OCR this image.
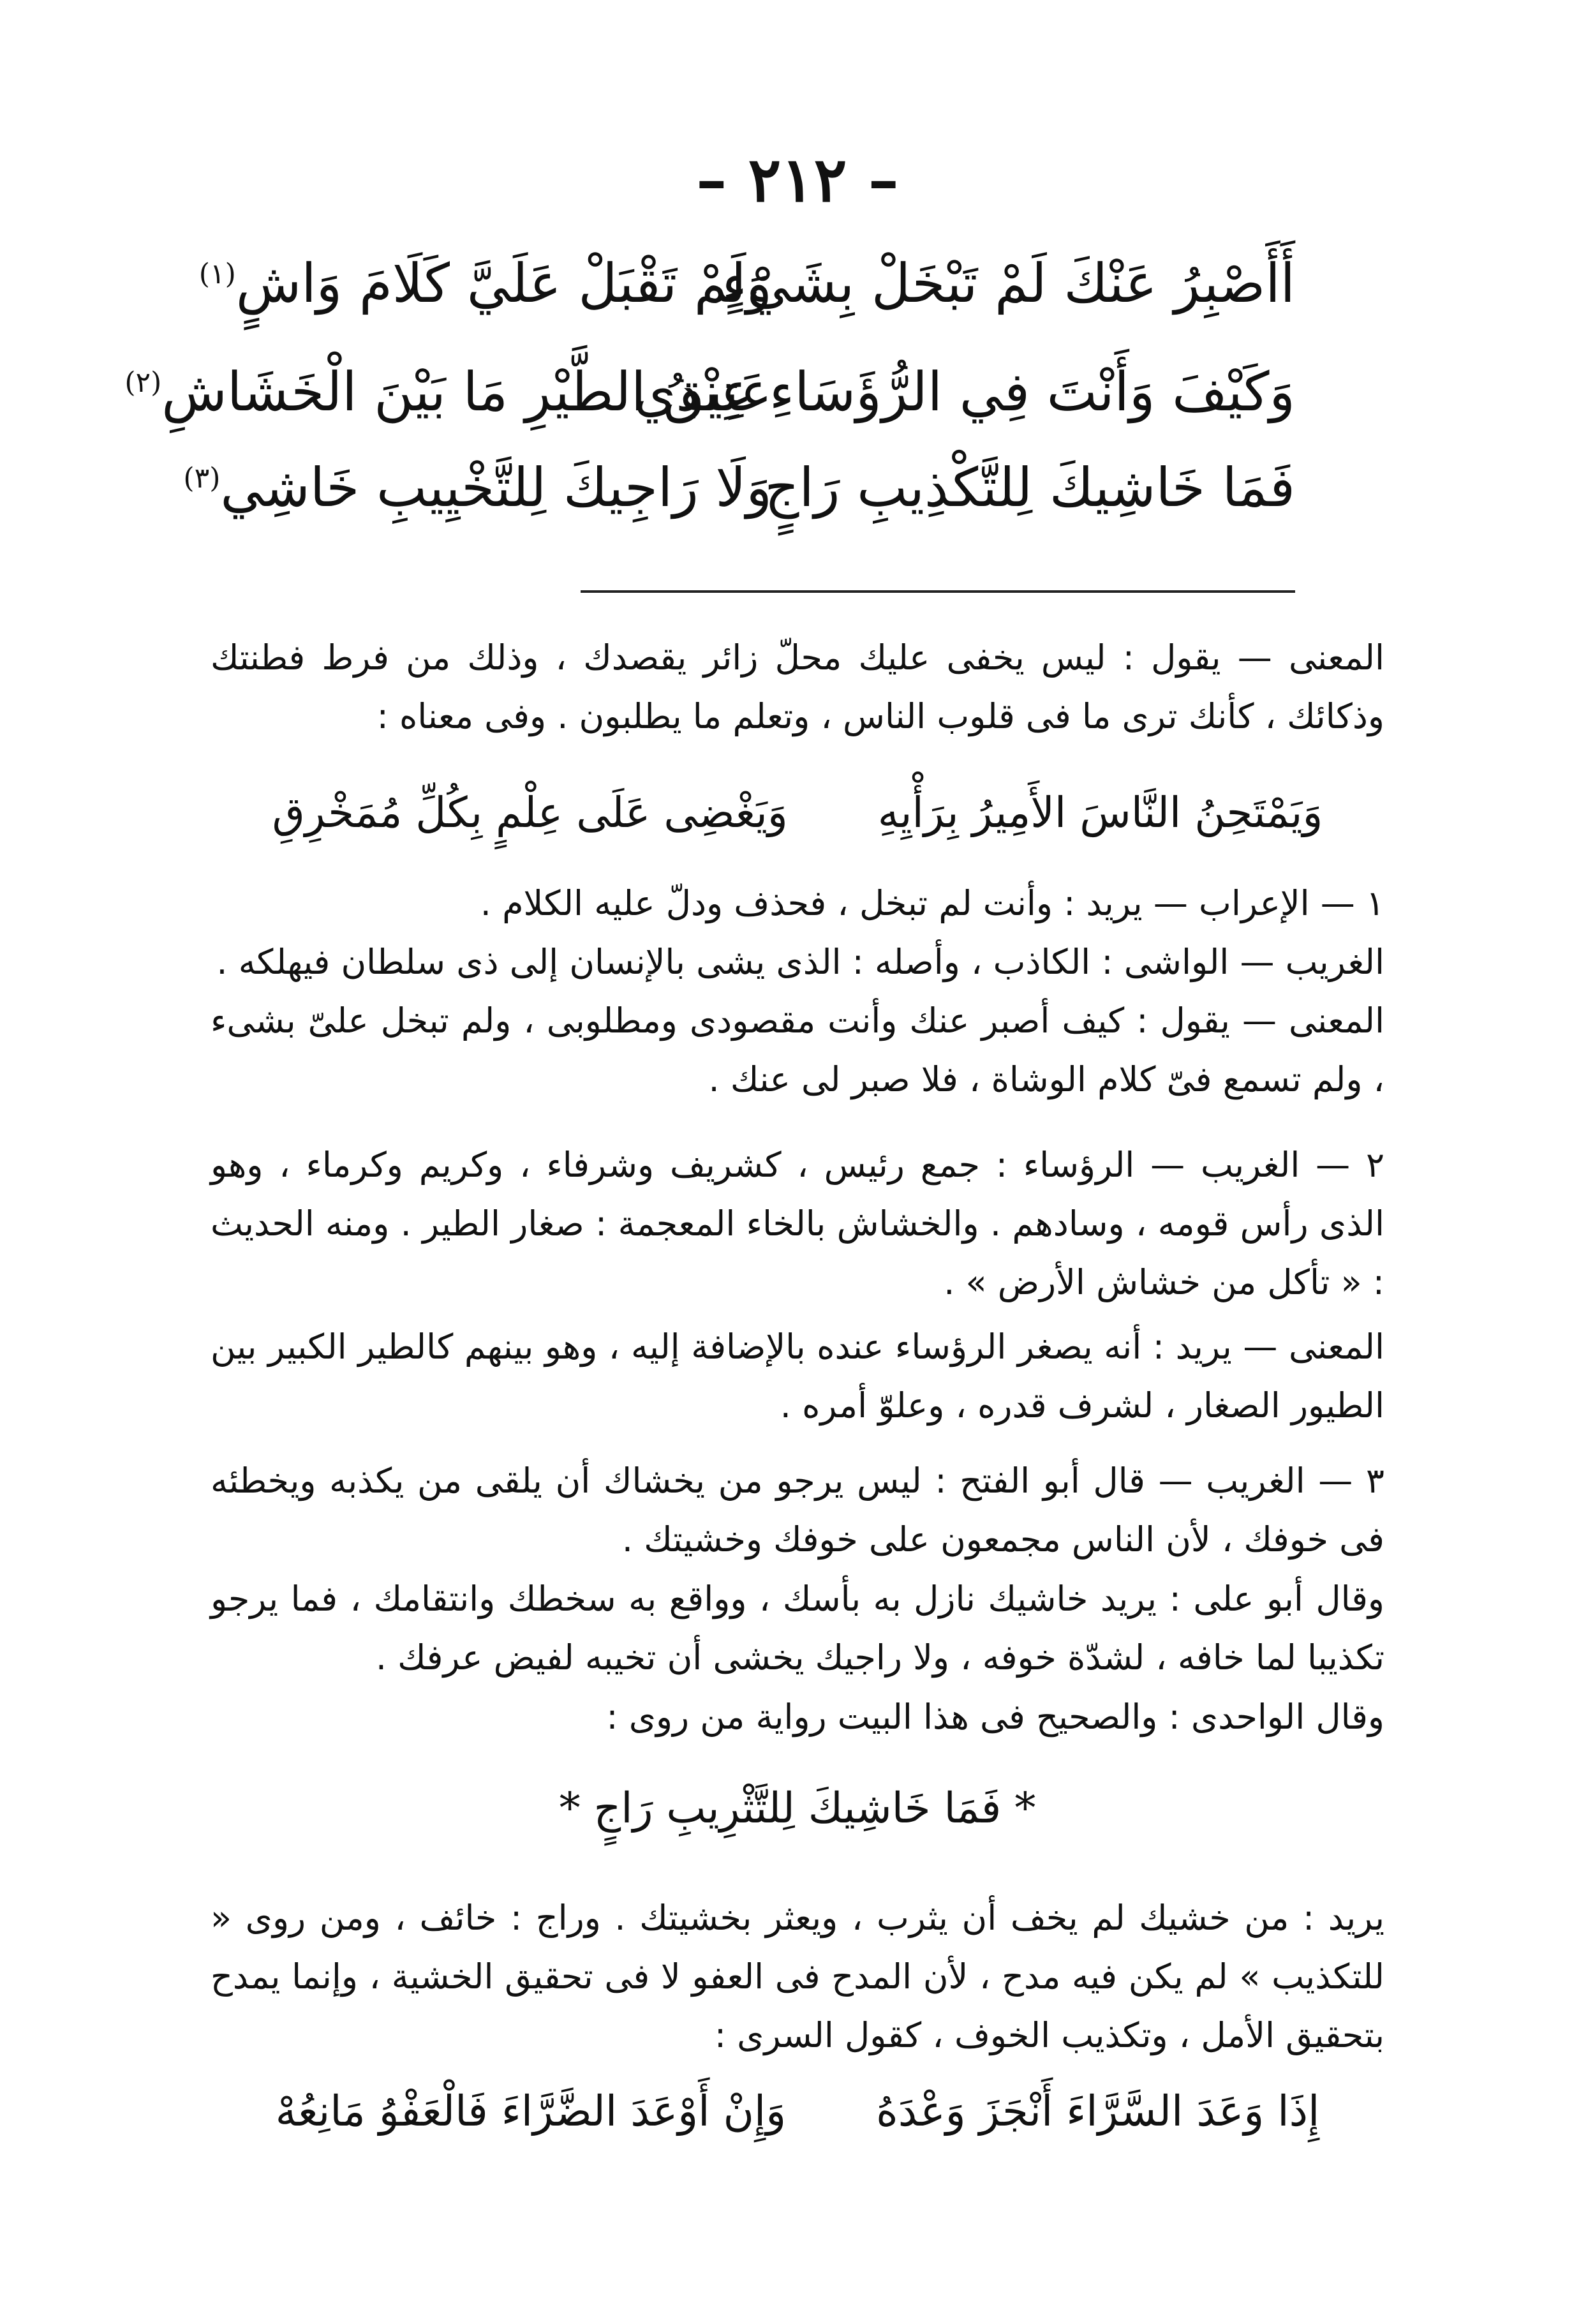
– ٢١٢ –
أَأَصْبِرُ عَنْكَ لَمْ تَبْخَلْ بِشَيْءٍ
وَلَمْ تَقْبَلْ عَلَيَّ كَلَامَ وَاشٍ$^{(١)}$
وَكَيْفَ وَأَنْتَ فِي الرُّؤَسَاءِ عِنْدِي
عَتِيقُ الطَّيْرِ مَا بَيْنَ الْخَشَاشِ$^{(٢)}$
فَمَا خَاشِيكَ لِلتَّكْذِيبِ رَاجٍ
وَلَا رَاجِيكَ لِلتَّخْيِيبِ خَاشِي$^{(٣)}$
المعنى — يقول : ليس يخفى عليك محلّ زائر يقصدك ، وذلك من فرط فطنتك وذكائك ، كأنك ترى ما فى قلوب الناس ، وتعلم ما يطلبون . وفى معناه :
وَيَمْتَحِنُ النَّاسَ الأَمِيرُ بِرَأْيِهِ وَيَغْضِى عَلَى عِلْمٍ بِكُلِّ مُمَخْرِقِ
١ — الإعراب — يريد : وأنت لم تبخل ، فحذف ودلّ عليه الكلام .
الغريب — الواشى : الكاذب ، وأصله : الذى يشى بالإنسان إلى ذى سلطان فيهلكه .
المعنى — يقول : كيف أصبر عنك وأنت مقصودى ومطلوبى ، ولم تبخل علىّ بشىء ، ولم تسمع فىّ كلام الوشاة ، فلا صبر لى عنك .
٢ — الغريب — الرؤساء : جمع رئيس ، كشريف وشرفاء ، وكريم وكرماء ، وهو الذى رأس قومه ، وسادهم . والخشاش بالخاء المعجمة : صغار الطير . ومنه الحديث : « تأكل من خشاش الأرض » .
المعنى — يريد : أنه يصغر الرؤساء عنده بالإضافة إليه ، وهو بينهم كالطير الكبير بين الطيور الصغار ، لشرف قدره ، وعلوّ أمره .
٣ — الغريب — قال أبو الفتح : ليس يرجو من يخشاك أن يلقى من يكذبه ويخطئه فى خوفك ، لأن الناس مجمعون على خوفك وخشيتك .
وقال أبو على : يريد خاشيك نازل به بأسك ، وواقع به سخطك وانتقامك ، فما يرجو تكذيبا لما خافه ، لشدّة خوفه ، ولا راجيك يخشى أن تخيبه لفيض عرفك .
وقال الواحدى : والصحيح فى هذا البيت رواية من روى :
* فَمَا خَاشِيكَ لِلتَّثْرِيبِ رَاجٍ *
يريد : من خشيك لم يخف أن يثرب ، ويعثر بخشيتك . وراج : خائف ، ومن روى « للتكذيب » لم يكن فيه مدح ، لأن المدح فى العفو لا فى تحقيق الخشية ، وإنما يمدح بتحقيق الأمل ، وتكذيب الخوف ، كقول السرى :
إِذَا وَعَدَ السَّرَّاءَ أَنْجَزَ وَعْدَهُ وَإِنْ أَوْعَدَ الضَّرَّاءَ فَالْعَفْوُ مَانِعُهْ
